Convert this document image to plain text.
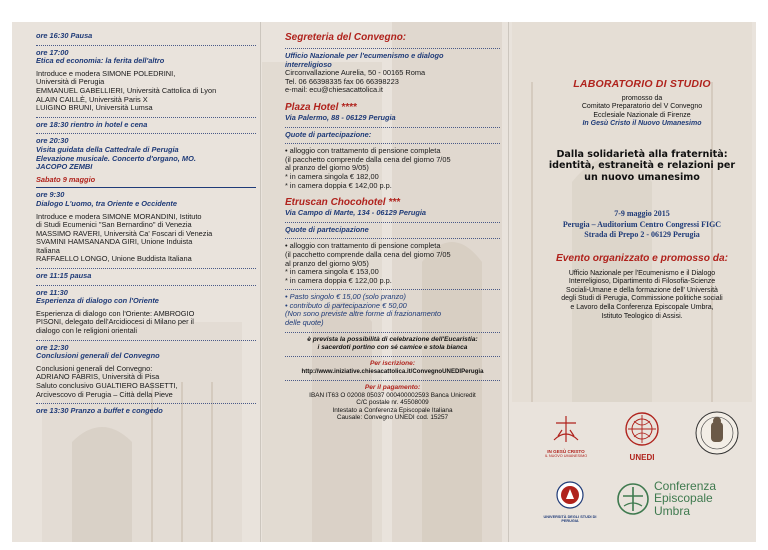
ore 16:30 Pausa
ore 17:00
Etica ed economia: la ferita dell'altro
Introduce e modera SIMONE POLEDRINI,
Università di Perugia
EMMANUEL GABELLIERI, Università Cattolica di Lyon
ALAIN CAILLÈ, Università Paris X
LUIGINO BRUNI, Università Lumsa
ore 18:30 rientro in hotel e cena
ore 20:30
Visita guidata della Cattedrale di Perugia
Elevazione musicale. Concerto d'organo, MO.
JACOPO ZEMBI
Sabato 9 maggio
ore 9:30
Dialogo L'uomo, tra Oriente e Occidente
Introduce e modera SIMONE MORANDINI, Istituto
di Studi Ecumenici "San Bernardino" di Venezia
MASSIMO RAVERI, Università Ca' Foscari di Venezia
SVAMINI HAMSANANDA GIRI, Unione Induista
Italiana
RAFFAELLO LONGO, Unione Buddista Italiana
ore 11:15 pausa
ore 11:30
Esperienza di dialogo con l'Oriente
Esperienza di dialogo con l'Oriente: AMBROGIO
PISONI, delegato dell'Arcidiocesi di Milano per il
dialogo con le religioni orientali
ore 12:30
Conclusioni generali del Convegno
Conclusioni generali del Convegno:
ADRIANO FABRIS, Università di Pisa
Saluto conclusivo GUALTIERO BASSETTI,
Arcivescovo di Perugia – Città della Pieve
ore 13:30 Pranzo a buffet e congedo
Segreteria del Convegno:
Ufficio Nazionale per l'ecumenismo e dialogo
interreligioso
Circonvallazione Aurelia, 50 - 00165 Roma
Tel. 06 66398335 fax 06 66398223
e-mail: ecu@chiesacattolica.it
Plaza Hotel ****
Via Palermo, 88 - 06129 Perugia
Quote di partecipazione:
• alloggio con trattamento di pensione completa
(il pacchetto comprende dalla cena del giorno 7/05
al pranzo del giorno 9/05)
* in camera singola € 182,00
* in camera doppia € 142,00 p.p.
Etruscan Chocohotel ***
Via Campo di Marte, 134 - 06129 Perugia
Quote di partecipazione
• alloggio con trattamento di pensione completa
(il pacchetto comprende dalla cena del giorno 7/05
al pranzo del giorno 9/05)
* in camera singola € 153,00
* in camera doppia € 122,00 p.p.
• Pasto singolo € 15,00 (solo pranzo)
• contributo di partecipazione € 50,00
(Non sono previste altre forme di frazionamento
delle quote)
è prevista la possibilità di celebrazione dell'Eucaristia:
i sacerdoti portino con sé camice e stola bianca
Per iscrizione:
http://www.iniziative.chiesacattolica.it/ConvegnoUNEDIPerugia
Per il pagamento:
IBAN IT63 O 02008 05037 000400002593 Banca Unicredit
C/C postale nr. 45508009
Intestato a Conferenza Episcopale Italiana
Causale: Convegno UNEDI cod. 15257
LABORATORIO DI STUDIO
promosso da
Comitato Preparatorio del V Convegno
Ecclesiale Nazionale di Firenze
In Gesù Cristo il Nuovo Umanesimo
Dalla solidarietà alla fraternità:
identità, estraneità e relazioni per
un nuovo umanesimo
7-9 maggio 2015
Perugia – Auditorium Centro Congressi FIGC
Strada di Prepo 2 - 06129 Perugia
Evento organizzato e promosso da:
Ufficio Nazionale per l'Ecumenismo e il Dialogo
Interreligioso, Dipartimento di Filosofia-Scienze
Sociali-Umane e della formazione dell' Università
degli Studi di Perugia, Commissione politiche sociali
e Lavoro della Conferenza Episcopale Umbra,
Istituto Teologico di Assisi.
IN GESÙ CRISTO
IL NUOVO UMANESIMO	UNEDI
UNIVERSITÀ DEGLI STUDI DI PERUGIA
Conferenza
Episcopale
Umbra
